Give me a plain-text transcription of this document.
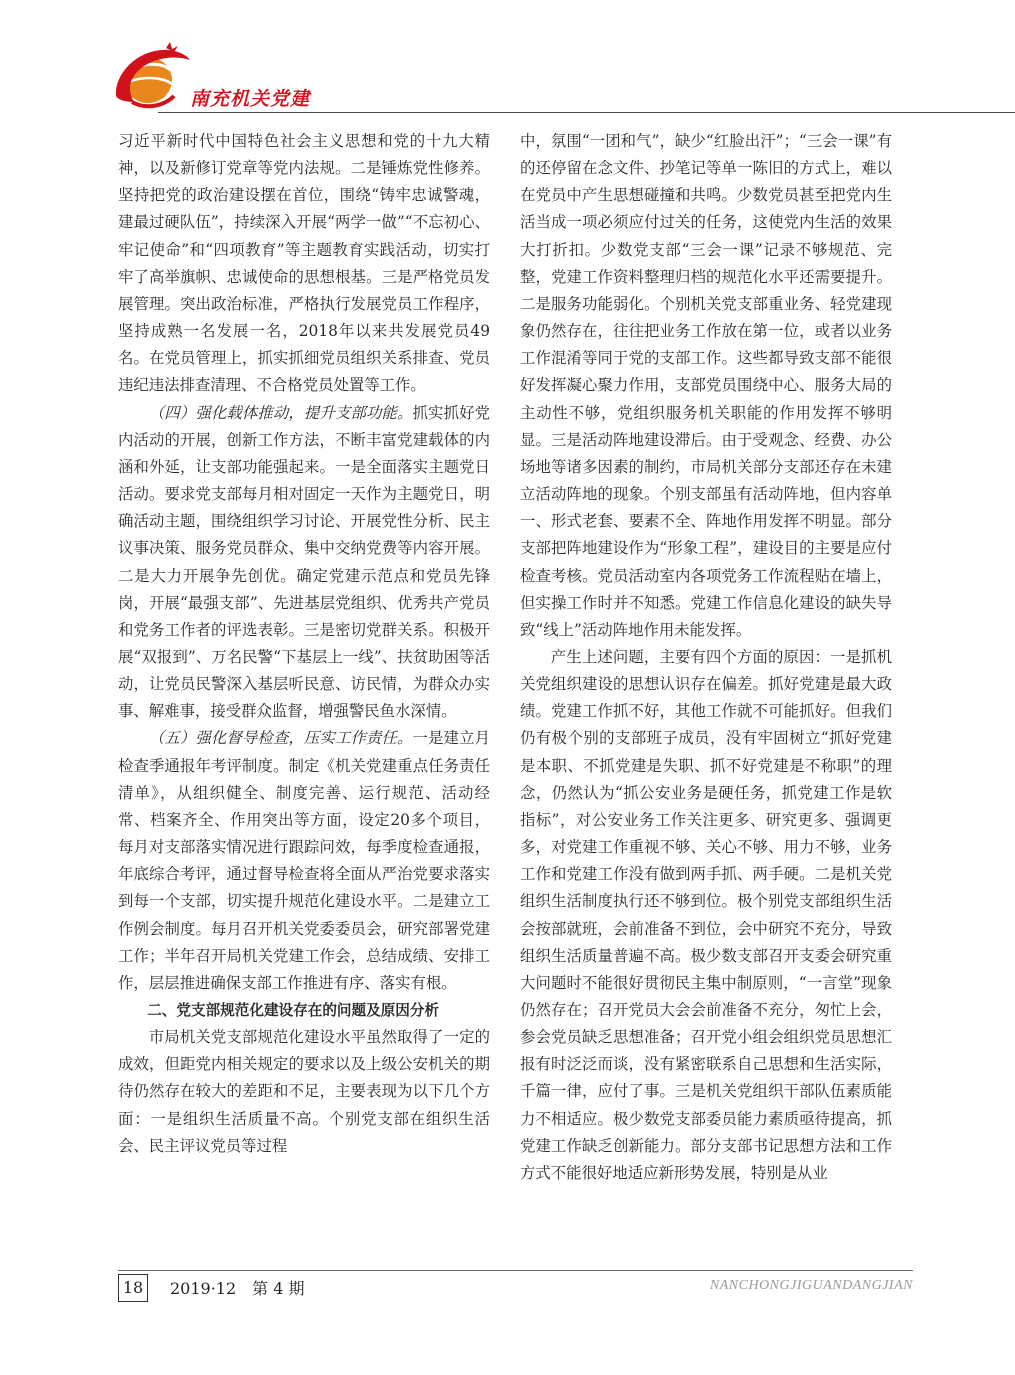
南充机关党建

习近平新时代中国特色社会主义思想和党的十九大精神，以及新修订党章等党内法规。二是锤炼党性修养。坚持把党的政治建设摆在首位，围绕“铸牢忠诚警魂，建最过硬队伍”，持续深入开展“两学一做”“不忘初心、牢记使命”和“四项教育”等主题教育实践活动，切实打牢了高举旗帜、忠诚使命的思想根基。三是严格党员发展管理。突出政治标准，严格执行发展党员工作程序，坚持成熟一名发展一名，2018年以来共发展党员49名。在党员管理上，抓实抓细党员组织关系排查、党员违纪违法排查清理、不合格党员处置等工作。

（四）强化载体推动，提升支部功能。抓实抓好党内活动的开展，创新工作方法，不断丰富党建载体的内涵和外延，让支部功能强起来。一是全面落实主题党日活动。要求党支部每月相对固定一天作为主题党日，明确活动主题，围绕组织学习讨论、开展党性分析、民主议事决策、服务党员群众、集中交纳党费等内容开展。二是大力开展争先创优。确定党建示范点和党员先锋岗，开展“最强支部”、先进基层党组织、优秀共产党员和党务工作者的评选表彰。三是密切党群关系。积极开展“双报到”、万名民警“下基层上一线”、扶贫助困等活动，让党员民警深入基层听民意、访民情，为群众办实事、解难事，接受群众监督，增强警民鱼水深情。

（五）强化督导检查，压实工作责任。一是建立月检查季通报年考评制度。制定《机关党建重点任务责任清单》，从组织健全、制度完善、运行规范、活动经常、档案齐全、作用突出等方面，设定20多个项目，每月对支部落实情况进行跟踪问效，每季度检查通报，年底综合考评，通过督导检查将全面从严治党要求落实到每一个支部，切实提升规范化建设水平。二是建立工作例会制度。每月召开机关党委委员会，研究部署党建工作；半年召开局机关党建工作会，总结成绩、安排工作，层层推进确保支部工作推进有序、落实有根。

二、党支部规范化建设存在的问题及原因分析

市局机关党支部规范化建设水平虽然取得了一定的成效，但距党内相关规定的要求以及上级公安机关的期待仍然存在较大的差距和不足，主要表现为以下几个方面：一是组织生活质量不高。个别党支部在组织生活会、民主评议党员等过程

中，氛围“一团和气”，缺少“红脸出汗”；“三会一课”有的还停留在念文件、抄笔记等单一陈旧的方式上，难以在党员中产生思想碰撞和共鸣。少数党员甚至把党内生活当成一项必须应付过关的任务，这使党内生活的效果大打折扣。少数党支部“三会一课”记录不够规范、完整，党建工作资料整理归档的规范化水平还需要提升。二是服务功能弱化。个别机关党支部重业务、轻党建现象仍然存在，往往把业务工作放在第一位，或者以业务工作混淆等同于党的支部工作。这些都导致支部不能很好发挥凝心聚力作用，支部党员围绕中心、服务大局的主动性不够，党组织服务机关职能的作用发挥不够明显。三是活动阵地建设滞后。由于受观念、经费、办公场地等诸多因素的制约，市局机关部分支部还存在未建立活动阵地的现象。个别支部虽有活动阵地，但内容单一、形式老套、要素不全、阵地作用发挥不明显。部分支部把阵地建设作为“形象工程”，建设目的主要是应付检查考核。党员活动室内各项党务工作流程贴在墙上，但实操工作时并不知悉。党建工作信息化建设的缺失导致“线上”活动阵地作用未能发挥。

产生上述问题，主要有四个方面的原因：一是抓机关党组织建设的思想认识存在偏差。抓好党建是最大政绩。党建工作抓不好，其他工作就不可能抓好。但我们仍有极个别的支部班子成员，没有牢固树立“抓好党建是本职、不抓党建是失职、抓不好党建是不称职”的理念，仍然认为“抓公安业务是硬任务，抓党建工作是软指标”，对公安业务工作关注更多、研究更多、强调更多，对党建工作重视不够、关心不够、用力不够，业务工作和党建工作没有做到两手抓、两手硬。二是机关党组织生活制度执行还不够到位。极个别党支部组织生活会按部就班，会前准备不到位，会中研究不充分，导致组织生活质量普遍不高。极少数支部召开支委会研究重大问题时不能很好贯彻民主集中制原则，“一言堂”现象仍然存在；召开党员大会会前准备不充分，匆忙上会，参会党员缺乏思想准备；召开党小组会组织党员思想汇报有时泛泛而谈，没有紧密联系自己思想和生活实际，千篇一律，应付了事。三是机关党组织干部队伍素质能力不相适应。极少数党支部委员能力素质亟待提高，抓党建工作缺乏创新能力。部分支部书记思想方法和工作方式不能很好地适应新形势发展，特别是从业

18	2019·12　第 4 期	NANCHONGJIGUANDANGJIAN
